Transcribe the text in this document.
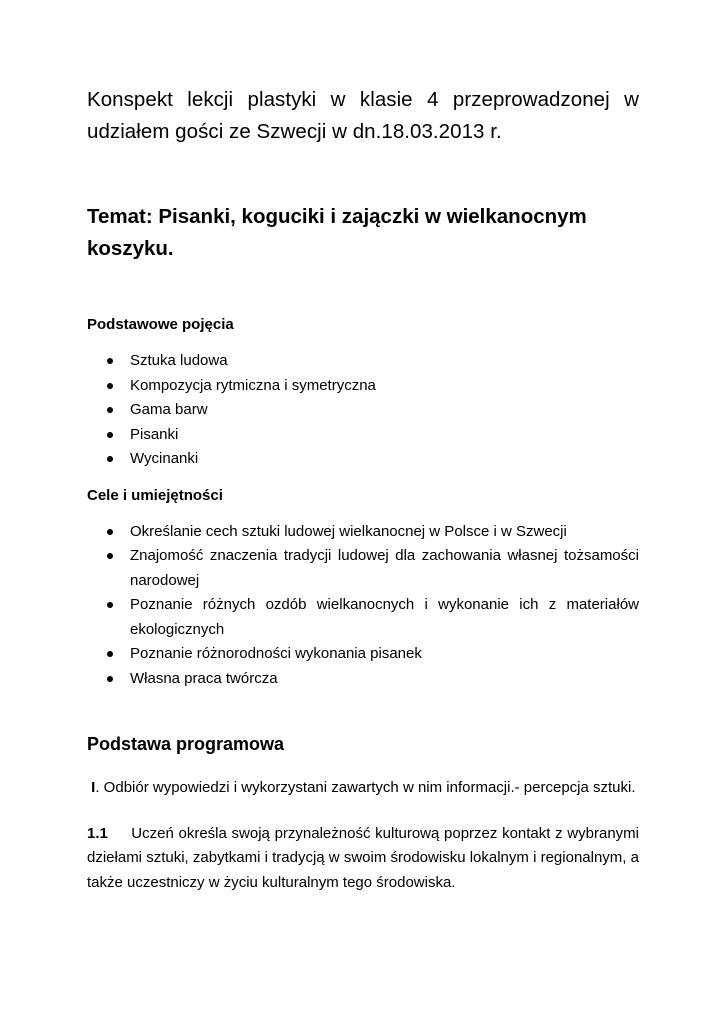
Konspekt lekcji plastyki w klasie 4 przeprowadzonej w udziałem gości ze Szwecji w dn.18.03.2013 r.

Temat: Pisanki, koguciki i zajączki w wielkanocnym koszyku.

Podstawowe pojęcia

Sztuka ludowa
Kompozycja rytmiczna i symetryczna
Gama barw
Pisanki
Wycinanki

Cele i umiejętności

Określanie cech sztuki ludowej wielkanocnej w Polsce i w Szwecji
Znajomość znaczenia tradycji ludowej dla zachowania własnej tożsamości narodowej
Poznanie różnych ozdób wielkanocnych i wykonanie ich z materiałów ekologicznych
Poznanie różnorodności wykonania pisanek
Własna praca twórcza

Podstawa programowa

I. Odbiór wypowiedzi i wykorzystani zawartych w nim informacji.- percepcja sztuki.

1.1 Uczeń określa swoją przynależność kulturową poprzez kontakt z wybranymi dziełami sztuki, zabytkami i tradycją w swoim środowisku lokalnym i regionalnym, a także uczestniczy w życiu kulturalnym tego środowiska.
